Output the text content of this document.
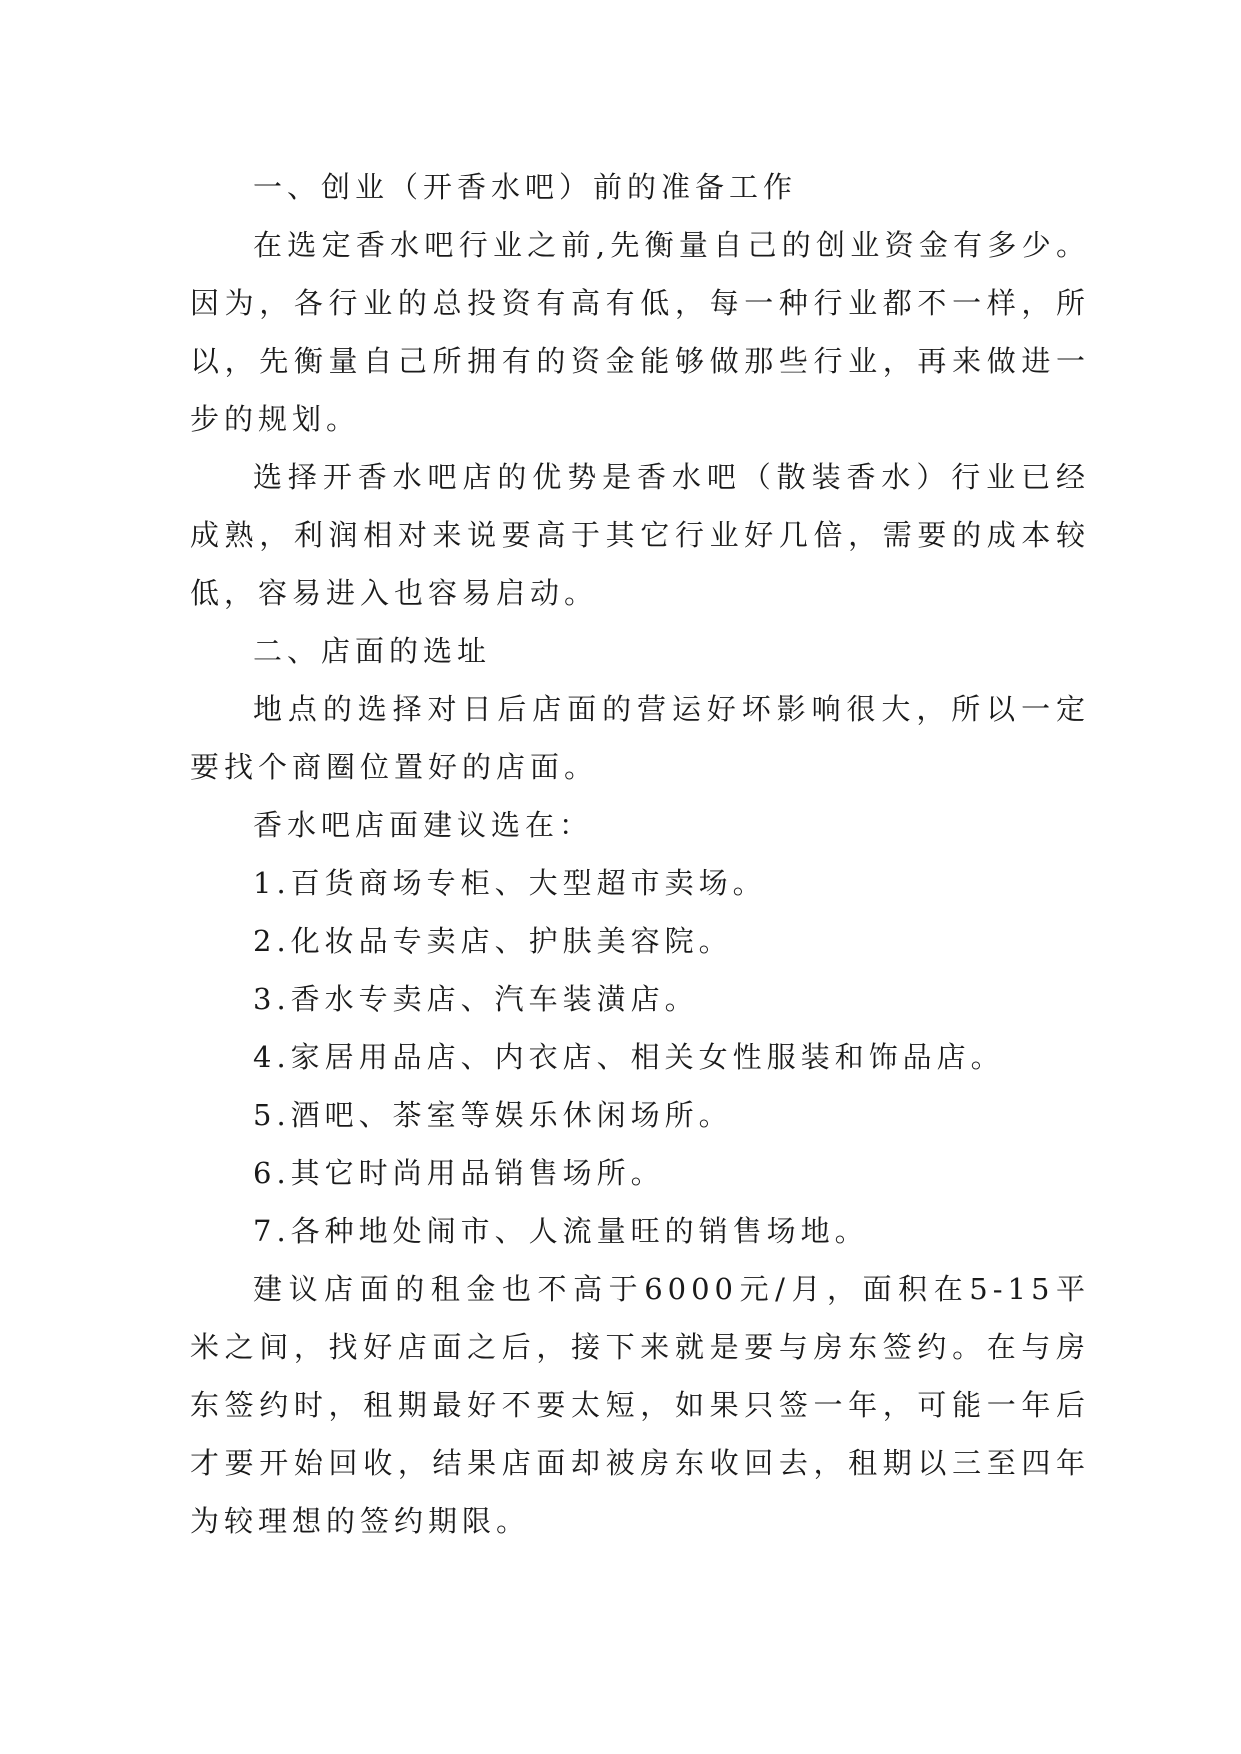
一、创业（开香水吧）前的准备工作

在选定香水吧行业之前,先衡量自己的创业资金有多少。因为，各行业的总投资有高有低，每一种行业都不一样，所以，先衡量自己所拥有的资金能够做那些行业，再来做进一步的规划。

选择开香水吧店的优势是香水吧（散装香水）行业已经成熟，利润相对来说要高于其它行业好几倍，需要的成本较低，容易进入也容易启动。

二、店面的选址

地点的选择对日后店面的营运好坏影响很大，所以一定要找个商圈位置好的店面。

香水吧店面建议选在：

1.百货商场专柜、大型超市卖场。

2.化妆品专卖店、护肤美容院。

3.香水专卖店、汽车装潢店。

4.家居用品店、内衣店、相关女性服装和饰品店。

5.酒吧、茶室等娱乐休闲场所。

6.其它时尚用品销售场所。

7.各种地处闹市、人流量旺的销售场地。

建议店面的租金也不高于6000元/月，面积在5-15平米之间，找好店面之后，接下来就是要与房东签约。在与房东签约时，租期最好不要太短，如果只签一年，可能一年后才要开始回收，结果店面却被房东收回去，租期以三至四年为较理想的签约期限。
